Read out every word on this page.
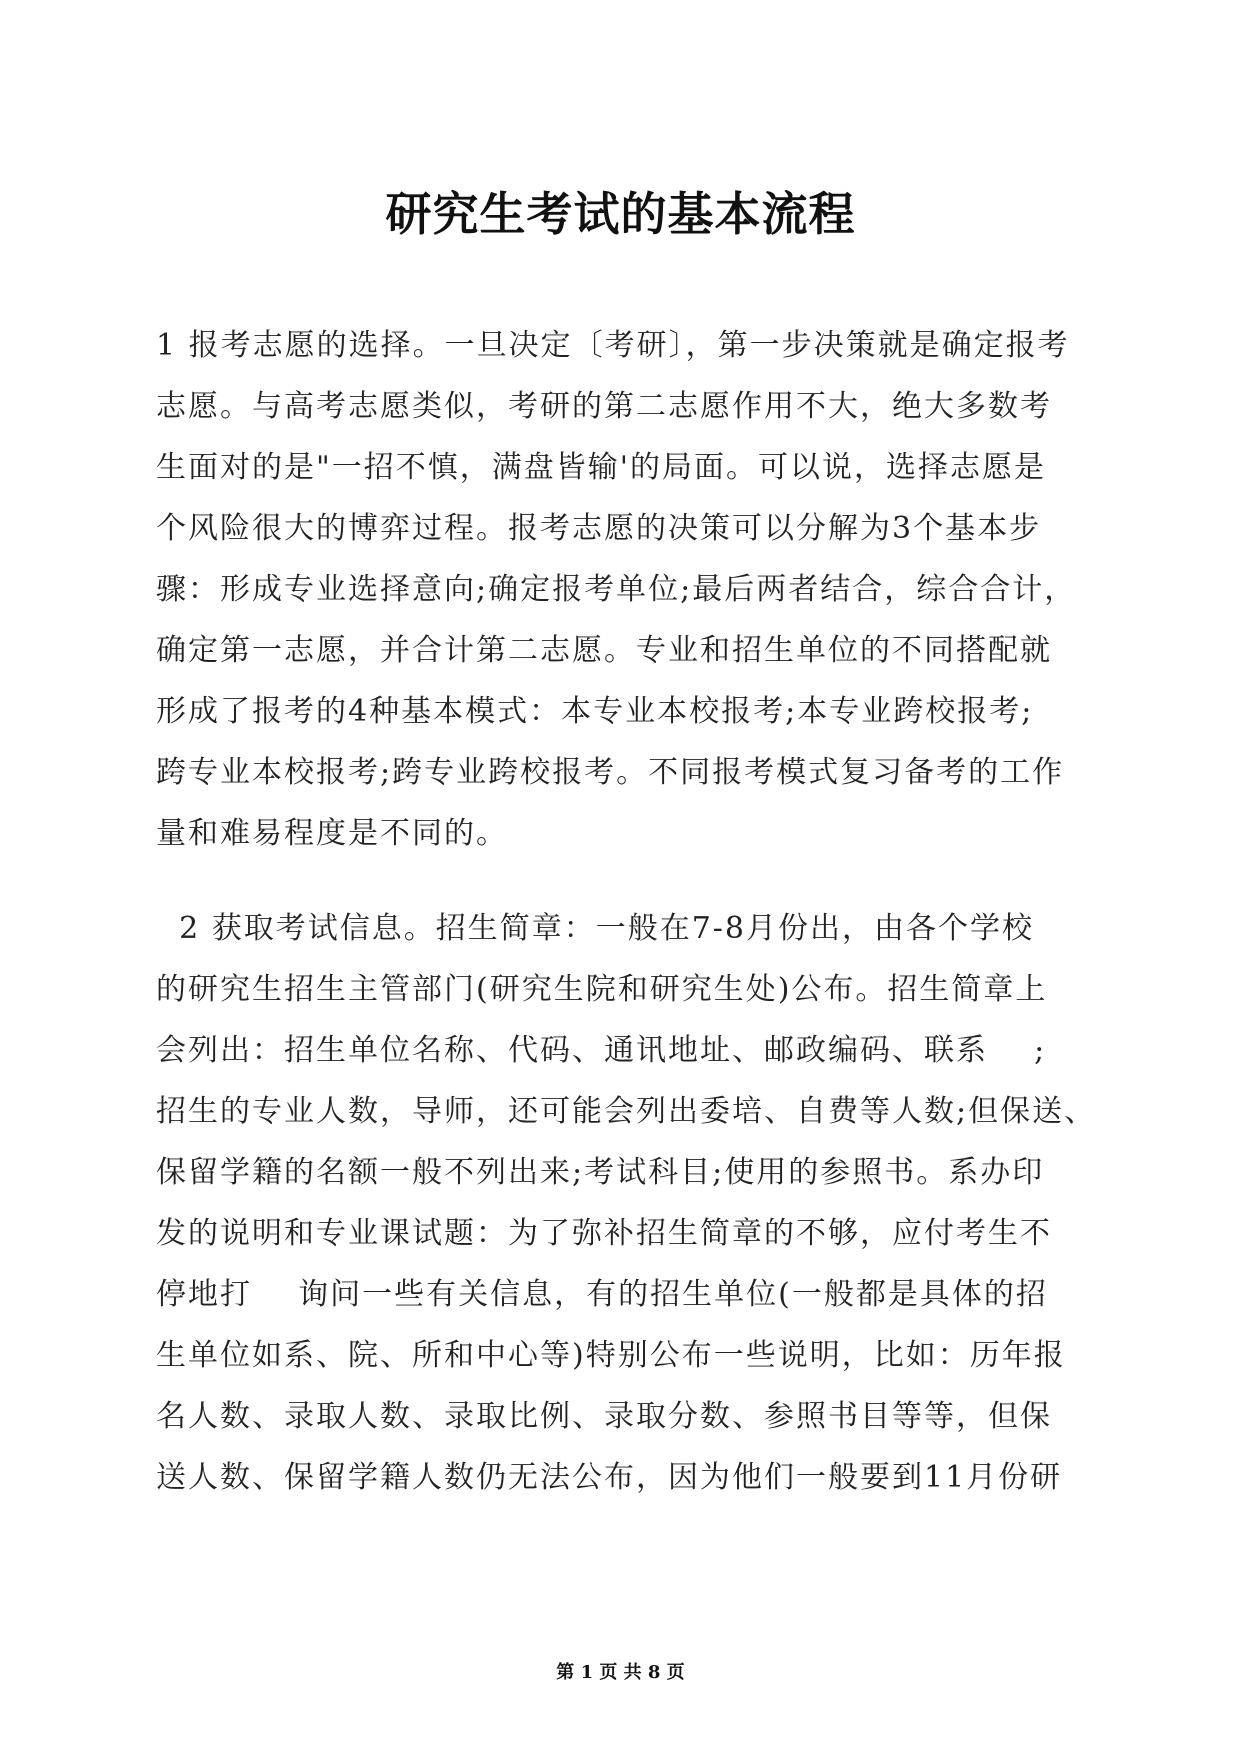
研究生考试的基本流程
1 报考志愿的选择。一旦决定〔考研〕，第一步决策就是确定报考
志愿。与高考志愿类似，考研的第二志愿作用不大，绝大多数考
生面对的是"一招不慎，满盘皆输'的局面。可以说，选择志愿是
个风险很大的博弈过程。报考志愿的决策可以分解为3个基本步
骤：形成专业选择意向;确定报考单位;最后两者结合，综合合计，
确定第一志愿，并合计第二志愿。专业和招生单位的不同搭配就
形成了报考的4种基本模式：本专业本校报考;本专业跨校报考;
跨专业本校报考;跨专业跨校报考。不同报考模式复习备考的工作
量和难易程度是不同的。
2 获取考试信息。招生简章：一般在7-8月份出，由各个学校
的研究生招生主管部门(研究生院和研究生处)公布。招生简章上
会列出：招生单位名称、代码、通讯地址、邮政编码、联系    ;
招生的专业人数，导师，还可能会列出委培、自费等人数;但保送、
保留学籍的名额一般不列出来;考试科目;使用的参照书。系办印
发的说明和专业课试题：为了弥补招生简章的不够，应付考生不
停地打    询问一些有关信息，有的招生单位(一般都是具体的招
生单位如系、院、所和中心等)特别公布一些说明，比如：历年报
名人数、录取人数、录取比例、录取分数、参照书目等等，但保
送人数、保留学籍人数仍无法公布，因为他们一般要到11月份研
第 1 页 共 8 页
